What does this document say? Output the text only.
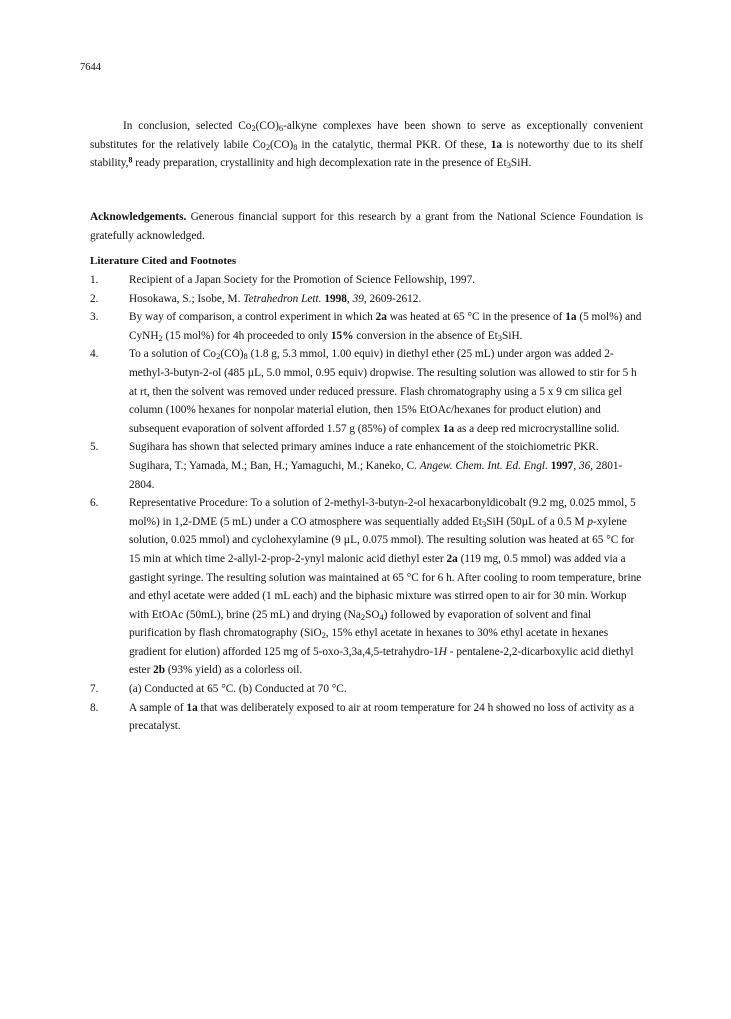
7644

In conclusion, selected $Co_2(CO)_6$-alkyne complexes have been shown to serve as exceptionally convenient substitutes for the relatively labile $Co_2(CO)_8$ in the catalytic, thermal PKR. Of these, 1a is noteworthy due to its shelf stability,$^8$ ready preparation, crystallinity and high decomplexation rate in the presence of $Et_3SiH$.

Acknowledgements. Generous financial support for this research by a grant from the National Science Foundation is gratefully acknowledged.

Literature Cited and Footnotes
1.	Recipient of a Japan Society for the Promotion of Science Fellowship, 1997.
2.	Hosokawa, S.; Isobe, M. Tetrahedron Lett. 1998, 39, 2609-2612.
3.	By way of comparison, a control experiment in which 2a was heated at 65 °C in the presence of 1a (5 mol%) and CyNH$_2$ (15 mol%) for 4h proceeded to only 15% conversion in the absence of $Et_3SiH$.
4.	To a solution of $Co_2(CO)_8$ (1.8 g, 5.3 mmol, 1.00 equiv) in diethyl ether (25 mL) under argon was added 2-methyl-3-butyn-2-ol (485 µL, 5.0 mmol, 0.95 equiv) dropwise. The resulting solution was allowed to stir for 5 h at rt, then the solvent was removed under reduced pressure. Flash chromatography using a 5 x 9 cm silica gel column (100% hexanes for nonpolar material elution, then 15% EtOAc/hexanes for product elution) and subsequent evaporation of solvent afforded 1.57 g (85%) of complex 1a as a deep red microcrystalline solid.
5.	Sugihara has shown that selected primary amines induce a rate enhancement of the stoichiometric PKR. Sugihara, T.; Yamada, M.; Ban, H.; Yamaguchi, M.; Kaneko, C. Angew. Chem. Int. Ed. Engl. 1997, 36, 2801-2804.
6.	Representative Procedure: To a solution of 2-methyl-3-butyn-2-ol hexacarbonyldicobalt (9.2 mg, 0.025 mmol, 5 mol%) in 1,2-DME (5 mL) under a CO atmosphere was sequentially added $Et_3SiH$ (50µL of a 0.5 M p-xylene solution, 0.025 mmol) and cyclohexylamine (9 µL, 0.075 mmol). The resulting solution was heated at 65 °C for 15 min at which time 2-allyl-2-prop-2-ynyl malonic acid diethyl ester 2a (119 mg, 0.5 mmol) was added via a gastight syringe. The resulting solution was maintained at 65 °C for 6 h. After cooling to room temperature, brine and ethyl acetate were added (1 mL each) and the biphasic mixture was stirred open to air for 30 min. Workup with EtOAc (50mL), brine (25 mL) and drying $(Na_2SO_4)$ followed by evaporation of solvent and final purification by flash chromatography (SiO$_2$, 15% ethyl acetate in hexanes to 30% ethyl acetate in hexanes gradient for elution) afforded 125 mg of 5-oxo-3,3a,4,5-tetrahydro-1H - pentalene-2,2-dicarboxylic acid diethyl ester 2b (93% yield) as a colorless oil.
7.	(a) Conducted at 65 °C. (b) Conducted at 70 °C.
8.	A sample of 1a that was deliberately exposed to air at room temperature for 24 h showed no loss of activity as a precatalyst.
